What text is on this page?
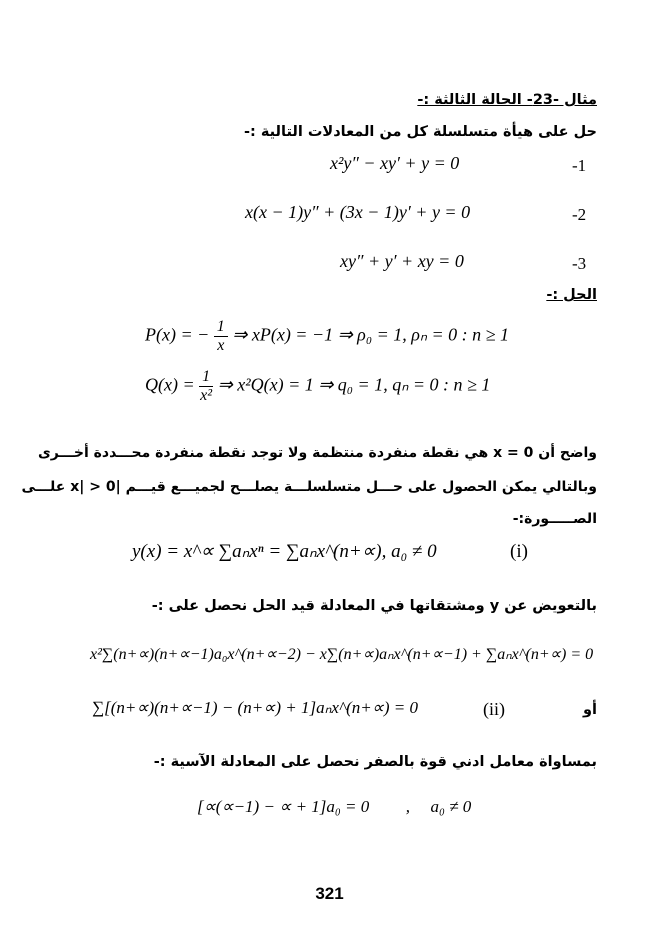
مثال -23- الحالة الثالثة :-
حل على هيأة متسلسلة كل من المعادلات التالية :-
x²y″ − xy′ + y = 0	-1
x(x − 1)y″ + (3x − 1)y′ + y = 0	-2
xy″ + y′ + xy = 0	-3
الحل :-
P(x) = − $\frac{1}{x}$ ⇒ xP(x) = −1 ⇒ ρ₀ = 1, ρₙ = 0 : n ≥ 1
$Q(x) = \frac{1}{\text{x²}}$ ⇒ x²Q(x) = 1 ⇒ q₀ = 1, qₙ = 0 : n ≥ 1
واضح أن x = 0 هي نقطة منفردة منتظمة ولا توجد نقطة منفردة محـــددة أخـــرى
وبالتالي يمكن الحصول على حـــل متسلسلـــة يصلـــح لجميـــع قيـــم |x| > 0 علـــى
الصـــــورة:-
y(x) = x^∝ ∑aₙxⁿ = ∑aₙx^(n+∝), a₀ ≠ 0	(i)
بالتعويض عن y ومشتقاتها في المعادلة قيد الحل نحصل على :-
x²∑(n+∝)(n+∝−1)a₀x^(n+∝−2) − x∑(n+∝)aₙx^(n+∝−1) + ∑aₙx^(n+∝) = 0
∑[(n+∝)(n+∝−1) − (n+∝) + 1]aₙx^(n+∝) = 0	(ii)	أو
بمساواة معامل ادني قوة بالصفر نحصل على المعادلة الآسية :-
[∝(∝−1) − ∝ + 1]a₀ = 0 , a₀ ≠ 0
321
